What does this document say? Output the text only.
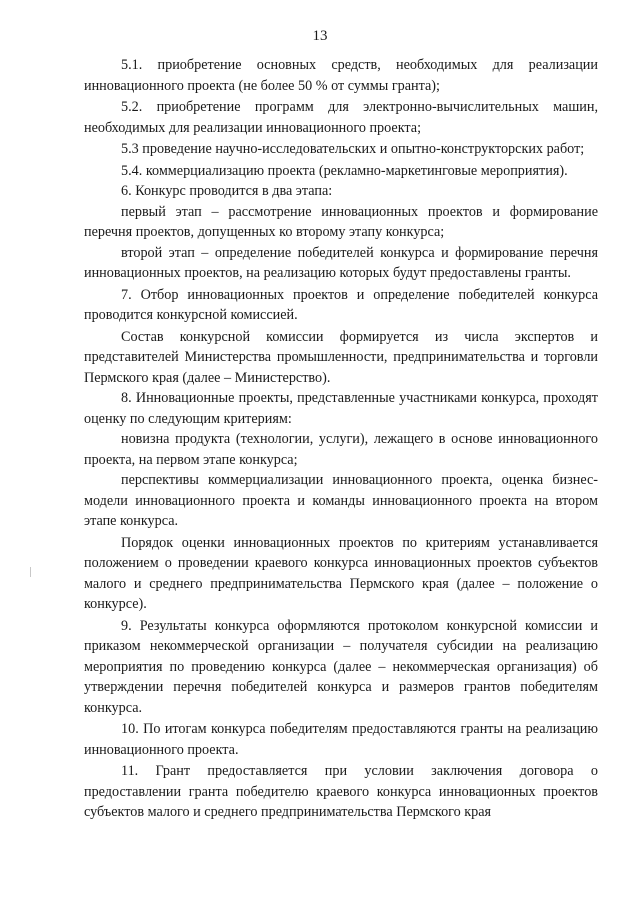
13

5.1. приобретение основных средств, необходимых для реализации инновационного проекта (не более 50 % от суммы гранта);

5.2. приобретение программ для электронно-вычислительных машин, необходимых для реализации инновационного проекта;

5.3 проведение научно-исследовательских и опытно-конструкторских работ;

5.4. коммерциализацию проекта (рекламно-маркетинговые мероприятия).

6. Конкурс проводится в два этапа:

первый этап – рассмотрение инновационных проектов и формирование перечня проектов, допущенных ко второму этапу конкурса;

второй этап – определение победителей конкурса и формирование перечня инновационных проектов, на реализацию которых будут предоставлены гранты.

7. Отбор инновационных проектов и определение победителей конкурса проводится конкурсной комиссией.

Состав конкурсной комиссии формируется из числа экспертов и представителей Министерства промышленности, предпринимательства и торговли Пермского края (далее – Министерство).

8. Инновационные проекты, представленные участниками конкурса, проходят оценку по следующим критериям:

новизна продукта (технологии, услуги), лежащего в основе инновационного проекта, на первом этапе конкурса;

перспективы коммерциализации инновационного проекта, оценка бизнес-модели инновационного проекта и команды инновационного проекта на втором этапе конкурса.

Порядок оценки инновационных проектов по критериям устанавливается положением о проведении краевого конкурса инновационных проектов субъектов малого и среднего предпринимательства Пермского края (далее – положение о конкурсе).

9. Результаты конкурса оформляются протоколом конкурсной комиссии и приказом некоммерческой организации – получателя субсидии на реализацию мероприятия по проведению конкурса (далее – некоммерческая организация) об утверждении перечня победителей конкурса и размеров грантов победителям конкурса.

10. По итогам конкурса победителям предоставляются гранты на реализацию инновационного проекта.

11. Грант предоставляется при условии заключения договора о предоставлении гранта победителю краевого конкурса инновационных проектов субъектов малого и среднего предпринимательства Пермского края
